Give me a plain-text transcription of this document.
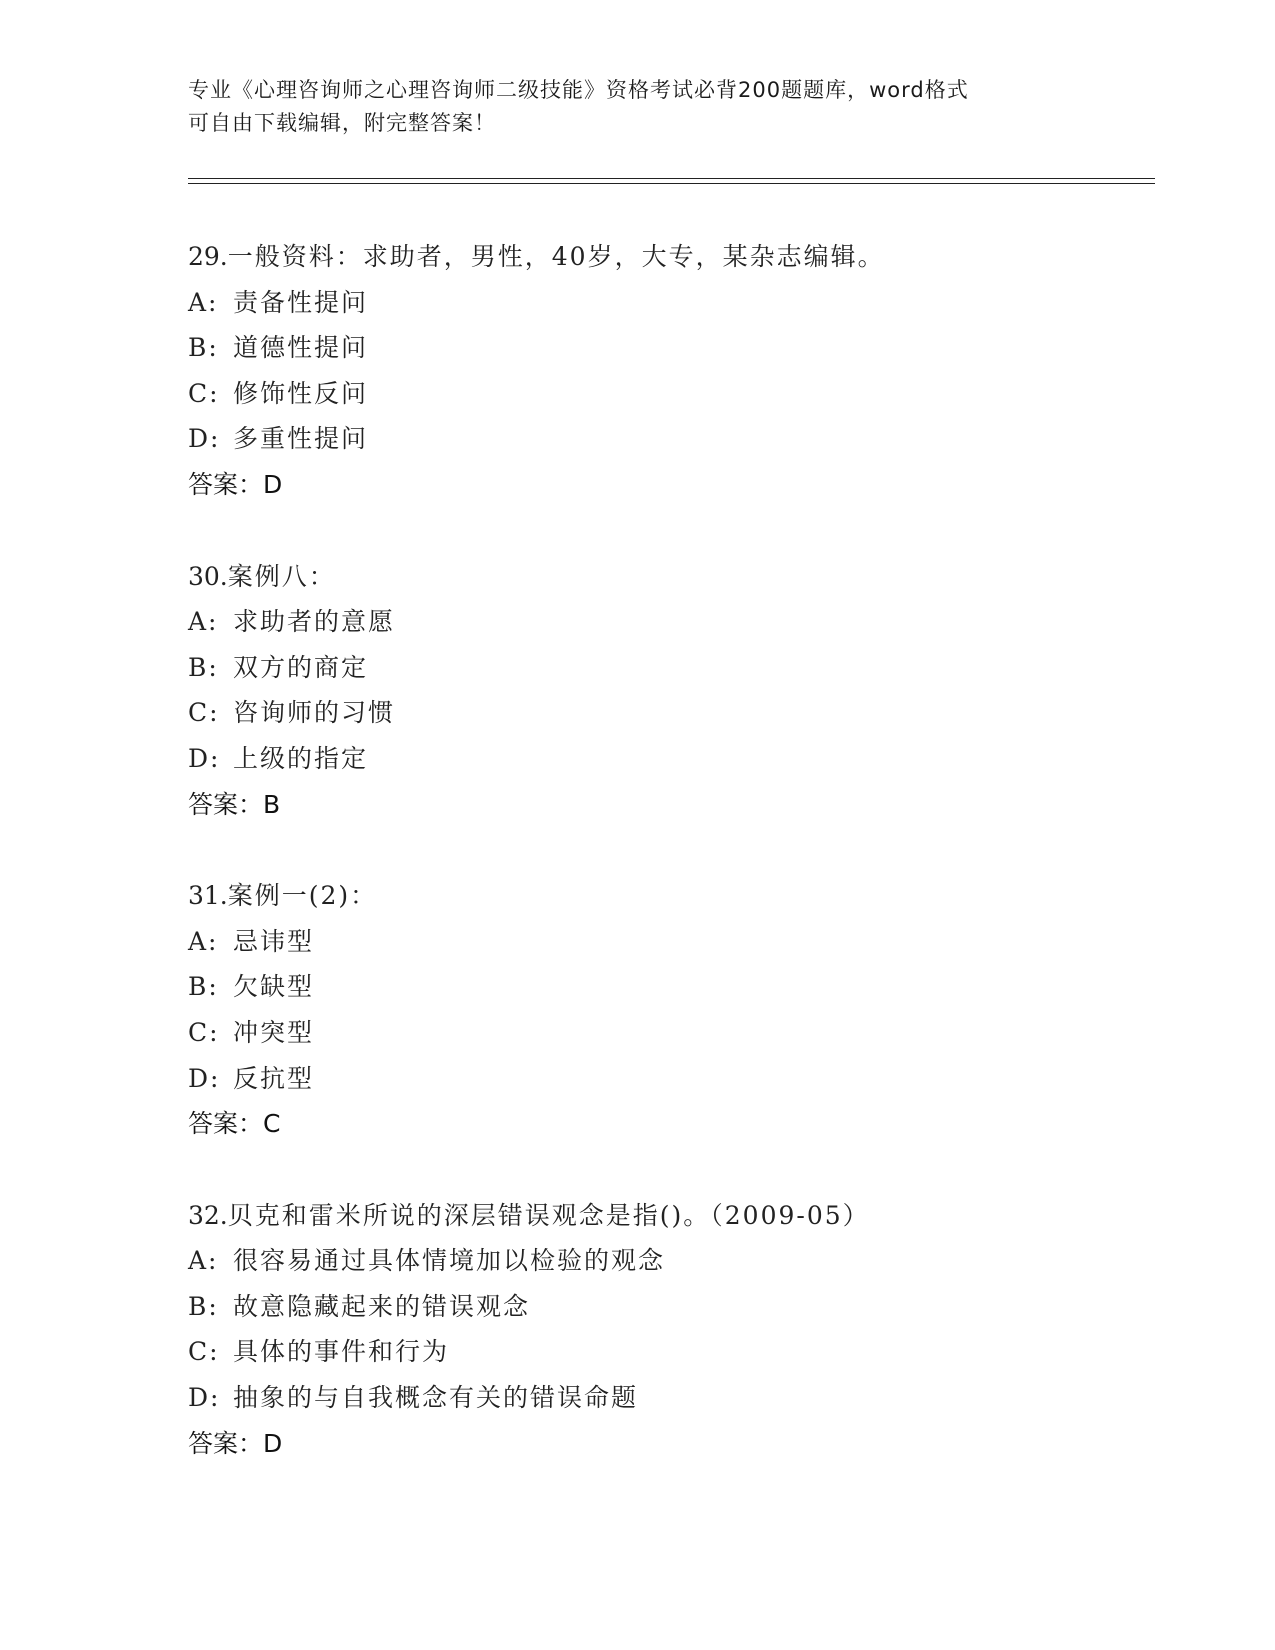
专业《心理咨询师之心理咨询师二级技能》资格考试必背200题题库，word格式
可自由下载编辑，附完整答案！
29.一般资料：求助者，男性，40岁，大专，某杂志编辑。
A: 责备性提问
B: 道德性提问
C: 修饰性反问
D: 多重性提问
答案：D
30.案例八：
A: 求助者的意愿
B: 双方的商定
C: 咨询师的习惯
D: 上级的指定
答案：B
31.案例一(2)：
A: 忌讳型
B: 欠缺型
C: 冲突型
D: 反抗型
答案：C
32.贝克和雷米所说的深层错误观念是指()。（2009-05）
A: 很容易通过具体情境加以检验的观念
B: 故意隐藏起来的错误观念
C: 具体的事件和行为
D: 抽象的与自我概念有关的错误命题
答案：D
